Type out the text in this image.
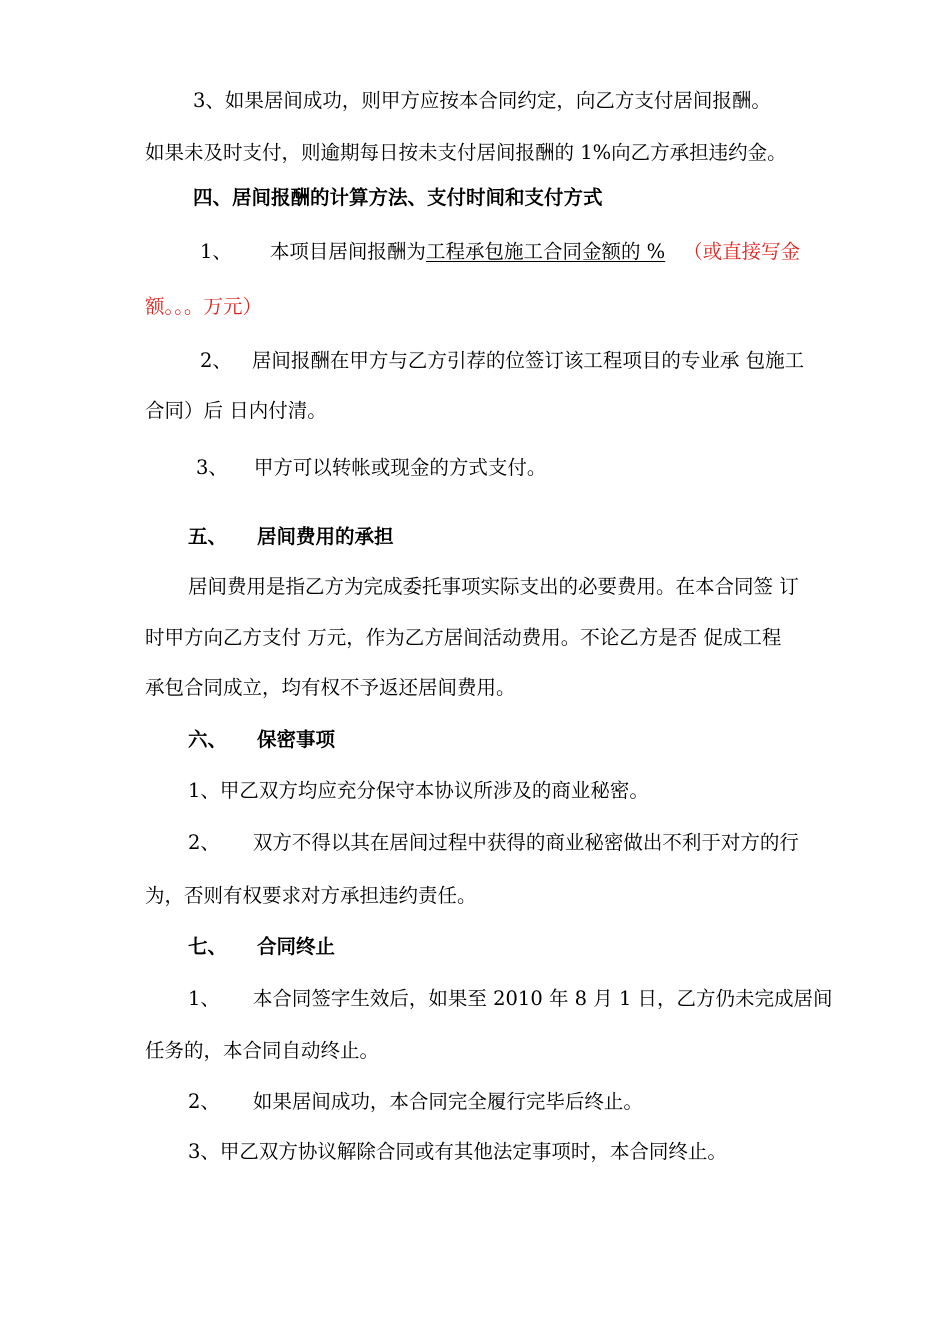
3、如果居间成功，则甲方应按本合同约定，向乙方支付居间报酬。
如果未及时支付，则逾期每日按未支付居间报酬的 1%向乙方承担违约金。
四、居间报酬的计算方法、支付时间和支付方式
1、 本项目居间报酬为工程承包施工合同金额的 % （或直接写金
额。。。万元）
2、 居间报酬在甲方与乙方引荐的位签订该工程项目的专业承 包施工
合同）后 日内付清。
3、 甲方可以转帐或现金的方式支付。
五、 居间费用的承担
居间费用是指乙方为完成委托事项实际支出的必要费用。在本合同签 订
时甲方向乙方支付 万元，作为乙方居间活动费用。不论乙方是否 促成工程
承包合同成立，均有权不予返还居间费用。
六、 保密事项
1、甲乙双方均应充分保守本协议所涉及的商业秘密。
2、 双方不得以其在居间过程中获得的商业秘密做出不利于对方的行
为，否则有权要求对方承担违约责任。
七、 合同终止
1、 本合同签字生效后，如果至 2010 年 8 月 1 日，乙方仍未完成居间
任务的，本合同自动终止。
2、 如果居间成功，本合同完全履行完毕后终止。
3、甲乙双方协议解除合同或有其他法定事项时，本合同终止。
